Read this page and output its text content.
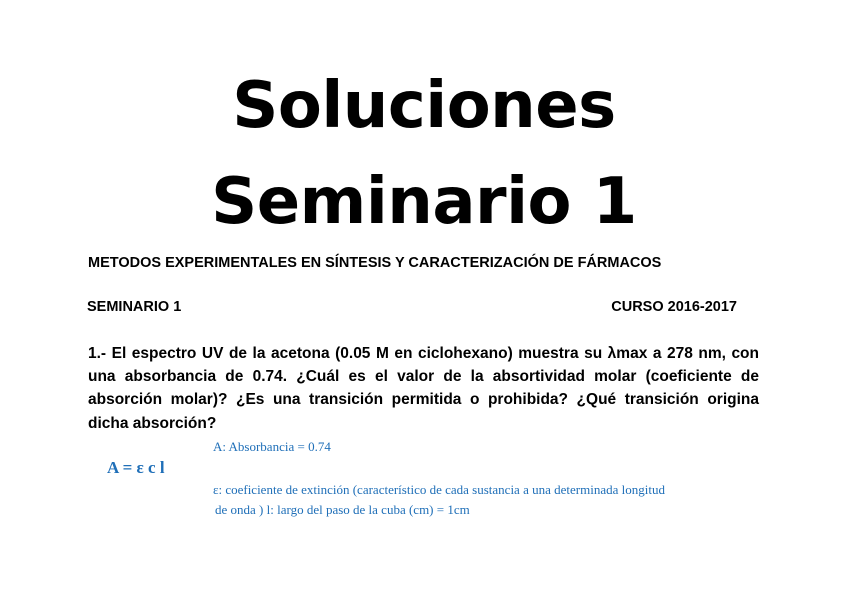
Soluciones
Seminario 1
METODOS EXPERIMENTALES EN SÍNTESIS Y CARACTERIZACIÓN DE FÁRMACOS
SEMINARIO 1	CURSO 2016-2017
1.- El espectro UV de la acetona (0.05 M en ciclohexano) muestra su λmax a 278 nm, con una absorbancia de 0.74. ¿Cuál es el valor de la absortividad molar (coeficiente de absorción molar)? ¿Es una transición permitida o prohibida? ¿Qué transición origina dicha absorción?
A: Absorbancia = 0.74
A = ε c l
ε: coeficiente de extinción (característico de cada sustancia a una determinada longitud
de onda ) l: largo del paso de la cuba (cm) = 1cm
